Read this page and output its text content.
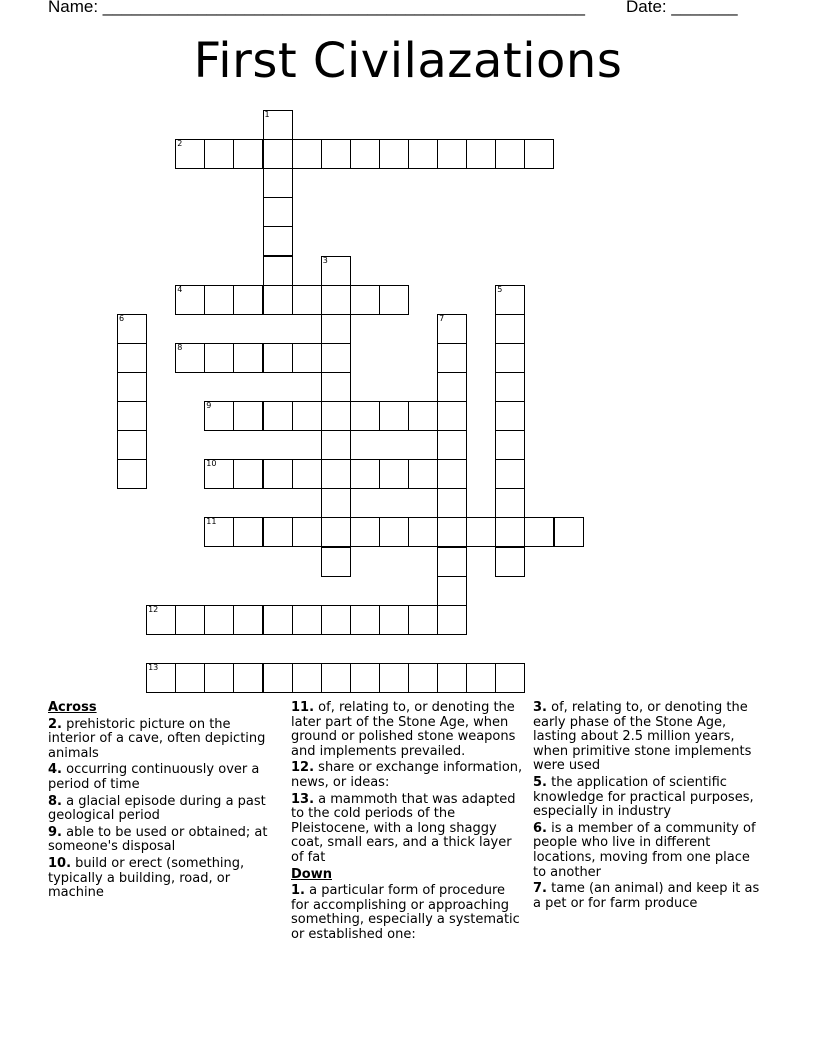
Name: ___________________________________________________ Date: _______
First Civilazations
1
2
3
4	5
6	7
8
9
10
11
12
13
Across
2. prehistoric picture on the interior of a cave, often depicting animals
4. occurring continuously over a period of time
8. a glacial episode during a past geological period
9. able to be used or obtained; at someone's disposal
10. build or erect (something, typically a building, road, or machine
11. of, relating to, or denoting the later part of the Stone Age, when ground or polished stone weapons and implements prevailed.
12. share or exchange information, news, or ideas:
13. a mammoth that was adapted to the cold periods of the Pleistocene, with a long shaggy coat, small ears, and a thick layer of fat
Down
1. a particular form of procedure for accomplishing or approaching something, especially a systematic or established one:
3. of, relating to, or denoting the early phase of the Stone Age, lasting about 2.5 million years, when primitive stone implements were used
5. the application of scientific knowledge for practical purposes, especially in industry
6. is a member of a community of people who live in different locations, moving from one place to another
7. tame (an animal) and keep it as a pet or for farm produce
